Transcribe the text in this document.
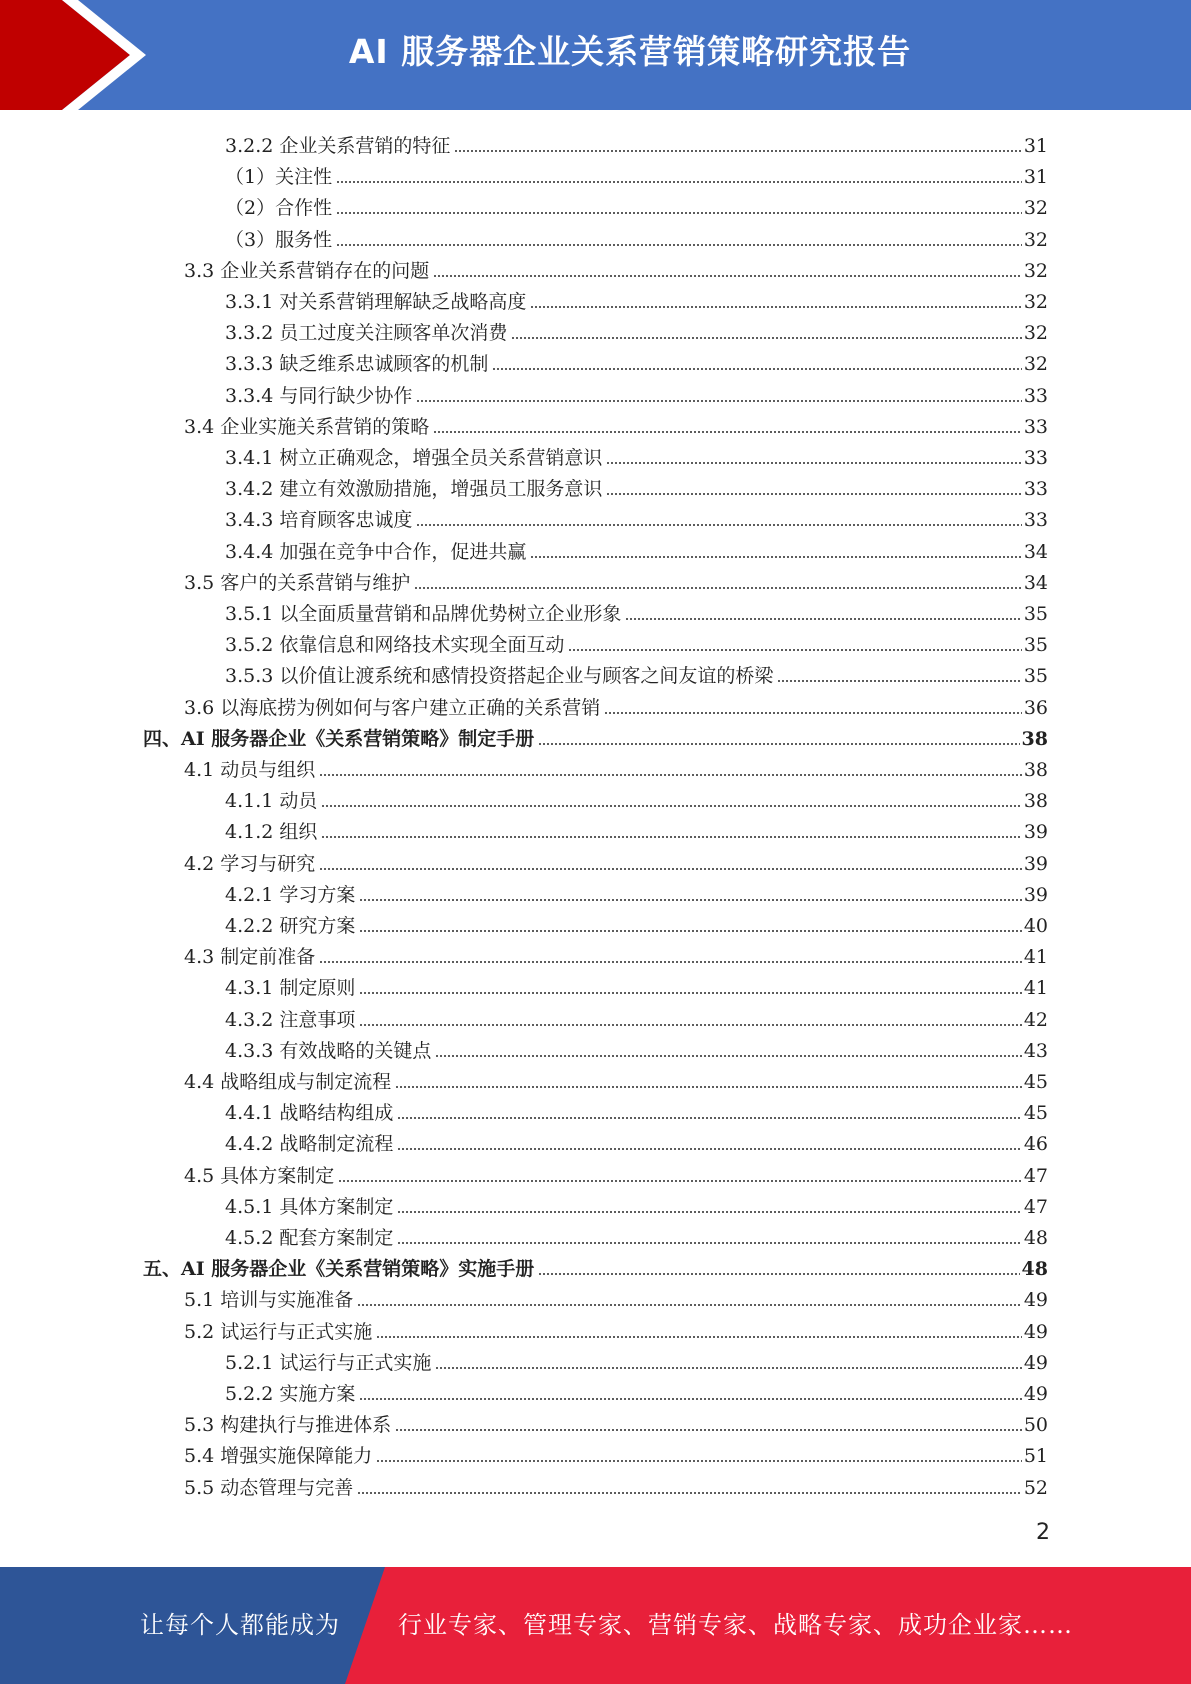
AI 服务器企业关系营销策略研究报告
3.2.2 企业关系营销的特征	31
（1）关注性	31
（2）合作性	32
（3）服务性	32
3.3 企业关系营销存在的问题	32
3.3.1 对关系营销理解缺乏战略高度	32
3.3.2 员工过度关注顾客单次消费	32
3.3.3 缺乏维系忠诚顾客的机制	32
3.3.4 与同行缺少协作	33
3.4 企业实施关系营销的策略	33
3.4.1 树立正确观念，增强全员关系营销意识	33
3.4.2 建立有效激励措施，增强员工服务意识	33
3.4.3 培育顾客忠诚度	33
3.4.4 加强在竞争中合作，促进共赢	34
3.5 客户的关系营销与维护	34
3.5.1 以全面质量营销和品牌优势树立企业形象	35
3.5.2 依靠信息和网络技术实现全面互动	35
3.5.3 以价值让渡系统和感情投资搭起企业与顾客之间友谊的桥梁	35
3.6 以海底捞为例如何与客户建立正确的关系营销	36
四、AI 服务器企业《关系营销策略》制定手册	38
4.1 动员与组织	38
4.1.1 动员	38
4.1.2 组织	39
4.2 学习与研究	39
4.2.1 学习方案	39
4.2.2 研究方案	40
4.3 制定前准备	41
4.3.1 制定原则	41
4.3.2 注意事项	42
4.3.3 有效战略的关键点	43
4.4 战略组成与制定流程	45
4.4.1 战略结构组成	45
4.4.2 战略制定流程	46
4.5 具体方案制定	47
4.5.1 具体方案制定	47
4.5.2 配套方案制定	48
五、AI 服务器企业《关系营销策略》实施手册	48
5.1 培训与实施准备	49
5.2 试运行与正式实施	49
5.2.1 试运行与正式实施	49
5.2.2 实施方案	49
5.3 构建执行与推进体系	50
5.4 增强实施保障能力	51
5.5 动态管理与完善	52
2
让每个人都能成为 行业专家、管理专家、营销专家、战略专家、成功企业家……
